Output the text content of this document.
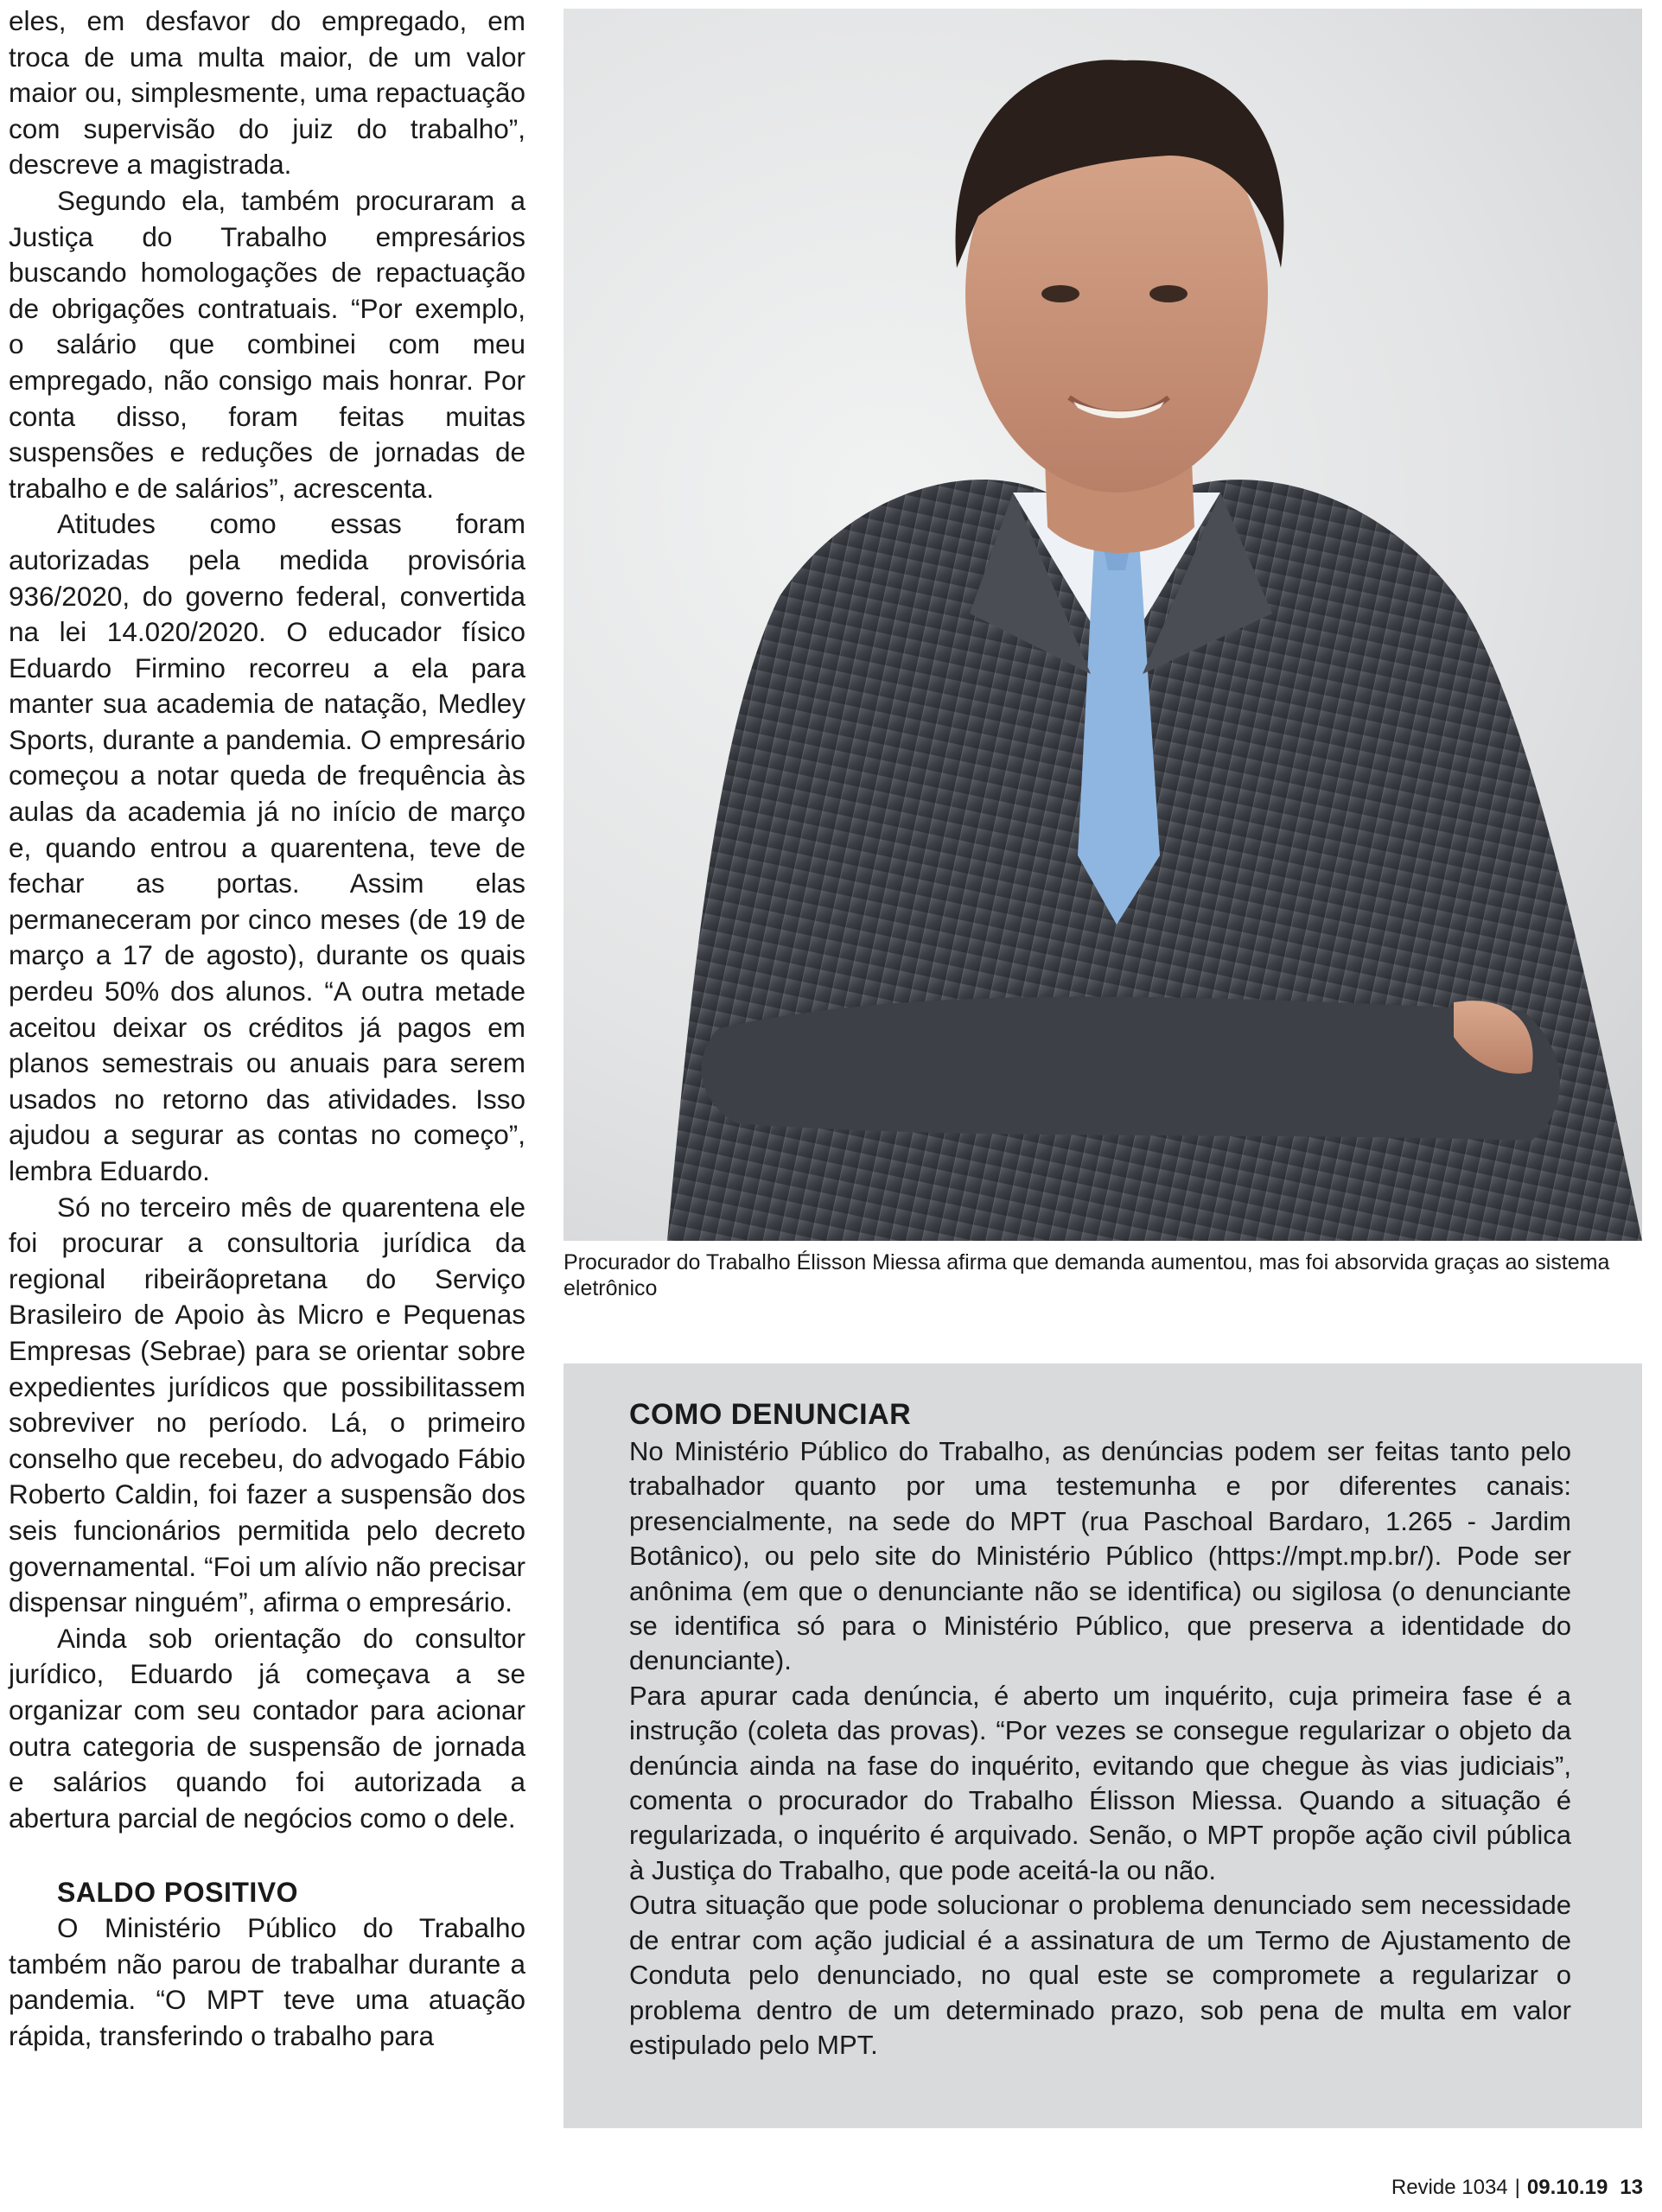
eles, em desfavor do empregado, em troca de uma multa maior, de um valor maior ou, simplesmente, uma repactuação com supervisão do juiz do trabalho”, descreve a magistrada.

Segundo ela, também procuraram a Justiça do Trabalho empresários buscando homologações de repactuação de obrigações contratuais. “Por exemplo, o salário que combinei com meu empregado, não consigo mais honrar. Por conta disso, foram feitas muitas suspensões e reduções de jornadas de trabalho e de salários”, acrescenta.

Atitudes como essas foram autorizadas pela medida provisória 936/2020, do governo federal, convertida na lei 14.020/2020. O educador físico Eduardo Firmino recorreu a ela para manter sua academia de natação, Medley Sports, durante a pandemia. O empresário começou a notar queda de frequência às aulas da academia já no início de março e, quando entrou a quarentena, teve de fechar as portas. Assim elas permaneceram por cinco meses (de 19 de março a 17 de agosto), durante os quais perdeu 50% dos alunos. “A outra metade aceitou deixar os créditos já pagos em planos semestrais ou anuais para serem usados no retorno das atividades. Isso ajudou a segurar as contas no começo”, lembra Eduardo.

Só no terceiro mês de quarentena ele foi procurar a consultoria jurídica da regional ribeirãopretana do Serviço Brasileiro de Apoio às Micro e Pequenas Empresas (Sebrae) para se orientar sobre expedientes jurídicos que possibilitassem sobreviver no período. Lá, o primeiro conselho que recebeu, do advogado Fábio Roberto Caldin, foi fazer a suspensão dos seis funcionários permitida pelo decreto governamental. “Foi um alívio não precisar dispensar ninguém”, afirma o empresário.

Ainda sob orientação do consultor jurídico, Eduardo já começava a se organizar com seu contador para acionar outra categoria de suspensão de jornada e salários quando foi autorizada a abertura parcial de negócios como o dele.

SALDO POSITIVO

O Ministério Público do Trabalho também não parou de trabalhar durante a pandemia. “O MPT teve uma atuação rápida, transferindo o trabalho para

Procurador do Trabalho Élisson Miessa afirma que demanda aumentou, mas foi absorvida graças ao sistema eletrônico
COMO DENUNCIAR

No Ministério Público do Trabalho, as denúncias podem ser feitas tanto pelo trabalhador quanto por uma testemunha e por diferentes canais: presencialmente, na sede do MPT (rua Paschoal Bardaro, 1.265 - Jardim Botânico), ou pelo site do Ministério Público (https://mpt.mp.br/). Pode ser anônima (em que o denunciante não se identifica) ou sigilosa (o denunciante se identifica só para o Ministério Público, que preserva a identidade do denunciante).

Para apurar cada denúncia, é aberto um inquérito, cuja primeira fase é a instrução (coleta das provas). “Por vezes se consegue regularizar o objeto da denúncia ainda na fase do inquérito, evitando que chegue às vias judiciais”, comenta o procurador do Trabalho Élisson Miessa. Quando a situação é regularizada, o inquérito é arquivado. Senão, o MPT propõe ação civil pública à Justiça do Trabalho, que pode aceitá-la ou não.

Outra situação que pode solucionar o problema denunciado sem necessidade de entrar com ação judicial é a assinatura de um Termo de Ajustamento de Conduta pelo denunciado, no qual este se compromete a regularizar o problema dentro de um determinado prazo, sob pena de multa em valor estipulado pelo MPT.

Revide 1034 | 09.10.19 13
